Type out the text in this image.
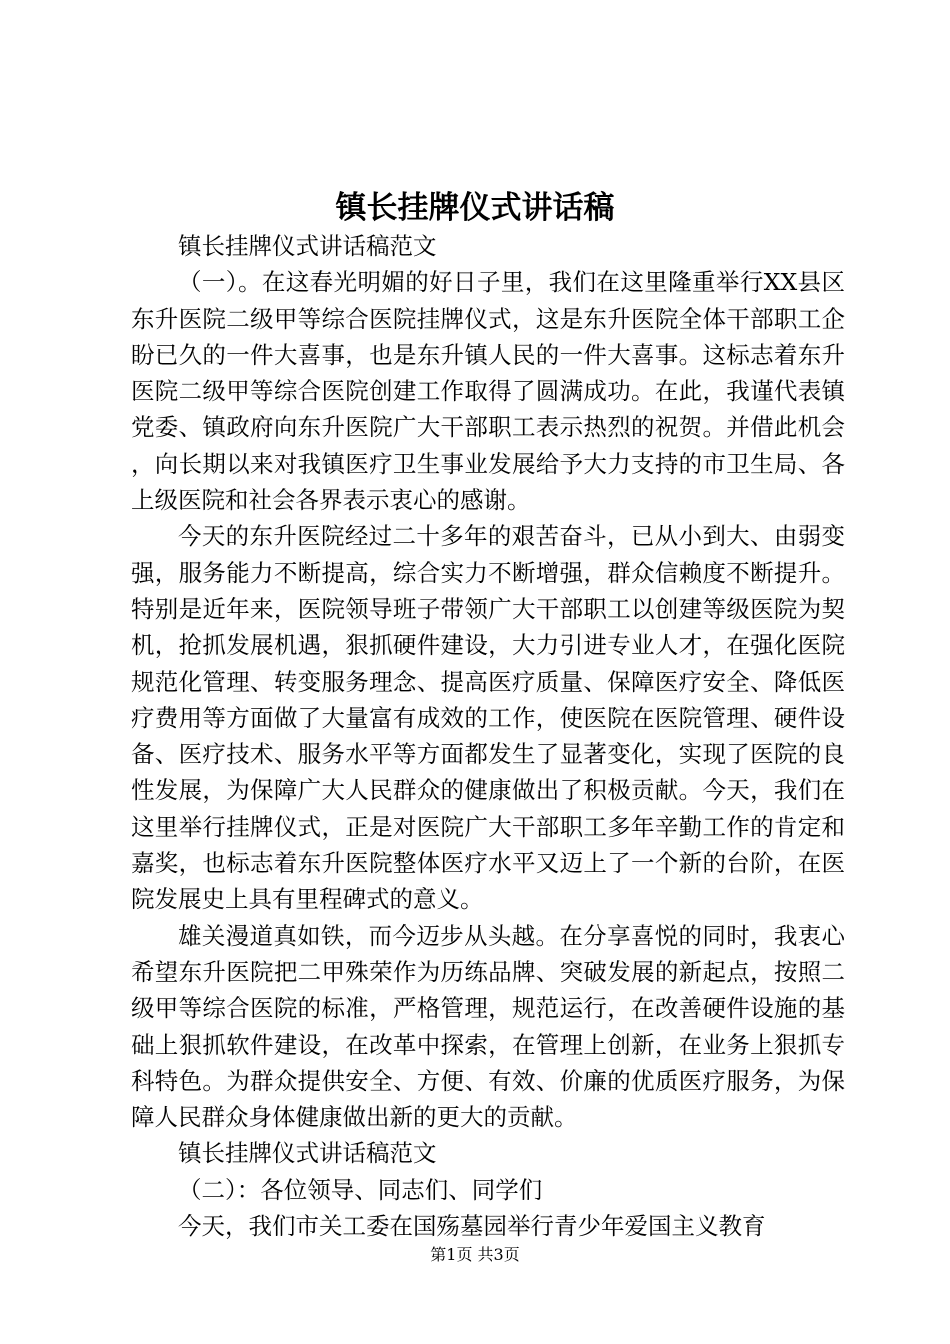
镇长挂牌仪式讲话稿

镇长挂牌仪式讲话稿范文

（一）。在这春光明媚的好日子里，我们在这里隆重举行XX县区东升医院二级甲等综合医院挂牌仪式，这是东升医院全体干部职工企盼已久的一件大喜事，也是东升镇人民的一件大喜事。这标志着东升医院二级甲等综合医院创建工作取得了圆满成功。在此，我谨代表镇党委、镇政府向东升医院广大干部职工表示热烈的祝贺。并借此机会，向长期以来对我镇医疗卫生事业发展给予大力支持的市卫生局、各上级医院和社会各界表示衷心的感谢。

今天的东升医院经过二十多年的艰苦奋斗，已从小到大、由弱变强，服务能力不断提高，综合实力不断增强，群众信赖度不断提升。特别是近年来，医院领导班子带领广大干部职工以创建等级医院为契机，抢抓发展机遇，狠抓硬件建设，大力引进专业人才，在强化医院规范化管理、转变服务理念、提高医疗质量、保障医疗安全、降低医疗费用等方面做了大量富有成效的工作，使医院在医院管理、硬件设备、医疗技术、服务水平等方面都发生了显著变化，实现了医院的良性发展，为保障广大人民群众的健康做出了积极贡献。今天，我们在这里举行挂牌仪式，正是对医院广大干部职工多年辛勤工作的肯定和嘉奖，也标志着东升医院整体医疗水平又迈上了一个新的台阶，在医院发展史上具有里程碑式的意义。

雄关漫道真如铁，而今迈步从头越。在分享喜悦的同时，我衷心希望东升医院把二甲殊荣作为历练品牌、突破发展的新起点，按照二级甲等综合医院的标准，严格管理，规范运行，在改善硬件设施的基础上狠抓软件建设，在改革中探索，在管理上创新，在业务上狠抓专科特色。为群众提供安全、方便、有效、价廉的优质医疗服务，为保障人民群众身体健康做出新的更大的贡献。

镇长挂牌仪式讲话稿范文

（二）：各位领导、同志们、同学们

今天，我们市关工委在国殇墓园举行青少年爱国主义教育

第1页 共3页
